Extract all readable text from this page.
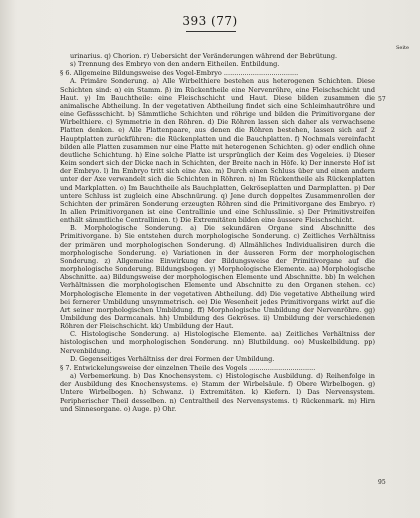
393 (77)
Seite
57
95

urinarius. q) Chorion. r) Uebersicht der Veränderungen während der Bebrütung.

s) Trennung des Embryo von den andern Eitheilen. Entbildung.

§ 6. Allgemeine Bildungsweise des Vogel-Embryo ....................................

A. Primäre Sonderung. a) Alle Wirbelthiere bestehen aus heterogenen Schichten. Diese Schichten sind: α) ein Stamm. β) im Rückentheile eine Nervenröhre, eine Fleischschicht und Haut. γ) Im Bauchtheile: eine Fleischschicht und Haut. Diese bilden zusammen die animalische Abtheilung. In der vegetativen Abtheilung findet sich eine Schleimhautröhre und eine Gefässschicht. b) Sämmtliche Schichten und röhrige und bilden die Primitivorgane der Wirbelthiere. c) Symmetrie in den Röhren. d) Die Röhren lassen sich daher als verwachsene Platten denken. e) Alle Plattenpaare, aus denen die Röhren bestehen, lassen sich auf 2 Hauptplatten zurückführen: die Rückenplatten und die Bauchplatten. f) Nochmals vereinfacht bilden alle Platten zusammen nur eine Platte mit heterogenen Schichten. g) oder endlich ohne deutliche Schichtung. h) Eine solche Platte ist ursprünglich der Keim des Vogeleies. i) Dieser Keim sondert sich der Dicke nach in Schichten, der Breite nach in Höfe. k) Der innerste Hof ist der Embryo. l) Im Embryo tritt sich eine Axe. m) Durch einen Schluss über und einen andern unter der Axe verwandelt sich die Schichten in Röhren. n) Im Rückentheile als Rückenplatten und Markplatten. o) Im Bauchtheile als Bauchplatten, Gekröseplatten und Darmplatten. p) Der untere Schluss ist zugleich eine Abschnürung. q) Jene durch doppeltes Zusammenrollen der Schichten der primären Sonderung erzeugten Röhren sind die Primitivorgane des Embryo. r) In allen Primitivorganen ist eine Centrallinie und eine Schlusslinie. s) Der Primitivstreifen enthält sämmtliche Centrallinien. t) Die Extremitäten bilden eine äussere Fleischschicht.

B. Morphologische Sonderung. a) Die sekundären Organe sind Abschnitte des Primitivorgane. b) Sie entstehen durch morphologische Sonderung. c) Zeitliches Verhältniss der primären und morphologischen Sonderung. d) Allmähliches Individualisiren durch die morphologische Sonderung. e) Variationen in der äusseren Form der morphologischen Sonderung. z) Allgemeine Einwirkung der Bildungsweise der Primitivorgane auf die morphologische Sonderung. Bildungsbogen. y) Morphologische Elemente. aa) Morphologische Abschnitte. aa) Bildungsweise der morphologischen Elemente und Abschnitte. bb) In welchen Verhältnissen die morphologischen Elemente und Abschnitte zu den Organen stehen. cc) Morphologische Elemente in der vegetativen Abtheilung. dd) Die vegetative Abtheilung wird bei fernerer Umbildung unsymmetrisch. ee) Die Wesenheit jedes Primitivorgans wirkt auf die Art seiner morphologischen Umbildung. ff) Morphologische Umbildung der Nervenröhre. gg) Umbildung des Darmcanals. hh) Umbildung des Gekröses. ii) Umbildung der verschiedenen Röhren der Fleischschicht. kk) Umbildung der Haut.

C. Histologische Sonderung. a) Histologische Elemente. aa) Zeitliches Verhältniss der histologischen und morphologischen Sonderung. nn) Blutbildung. oo) Muskelbildung. pp) Nervenbildung.

D. Gegenseitiges Verhältniss der drei Formen der Umbildung.

§ 7. Entwickelungsweise der einzelnen Theile des Vogels ................................

a) Verbemerkung. b) Das Knochensystem. c) Histologische Ausbildung. d) Reihenfolge in der Ausbildung des Knochensystems. e) Stamm der Wirbelsäule. f) Obere Wirbelbogen. g) Untere Wirbelbogen. h) Schwanz. i) Extremitäten. k) Kiefern. l) Das Nervensystem. Peripherischer Theil desselben. n) Centraltheil des Nervensystems. t) Rückenmark. m) Hirn und Sinnesorgane. o) Auge. p) Ohr.
